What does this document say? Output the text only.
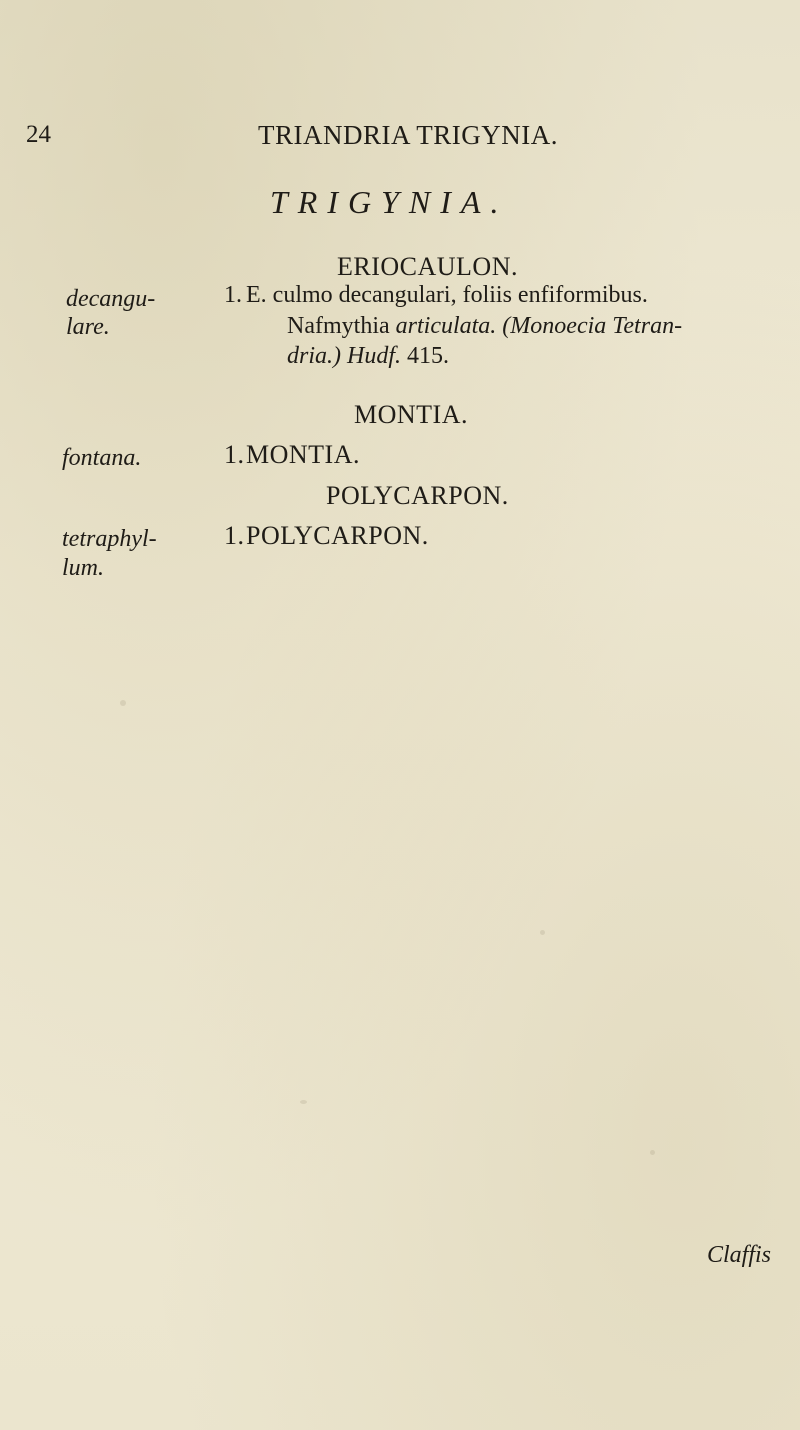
24	TRIANDRIA TRIGYNIA.
TRIGYNIA.
ERIOCAULON.
decangu-
lare.
1. E. culmo decangulari, foliis enfiformibus.
Nafmythia articulata. (Monoecia Tetran-
dria.) Hudf. 415.
MONTIA.
fontana.	1.MONTIA.
POLYCARPON.
tetraphyl-
lum.
1.POLYCARPON.
Claffis
